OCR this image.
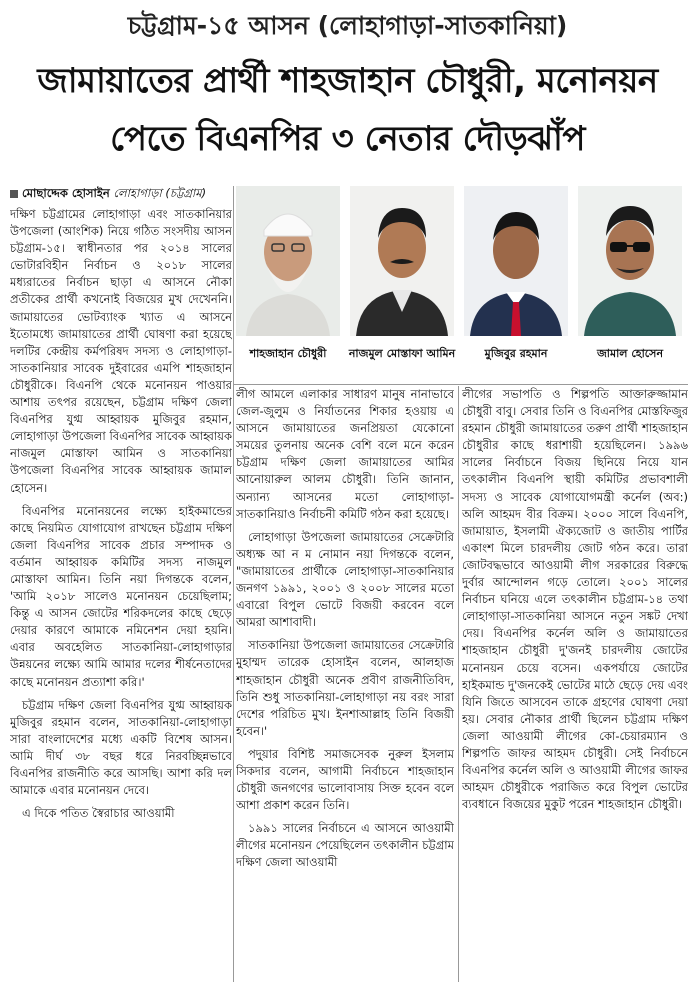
চট্টগ্রাম-১৫ আসন (লোহাগাড়া-সাতকানিয়া)
জামায়াতের প্রার্থী শাহজাহান চৌধুরী, মনোনয়ন
পেতে বিএনপির ৩ নেতার দৌড়ঝাঁপ
মোছাদ্দেক হোসাইন লোহাগাড়া (চট্টগ্রাম)
শাহজাহান চৌধুরী	নাজমুল মোস্তাফা আমিন	মুজিবুর রহমান	জামাল হোসেন

দক্ষিণ চট্টগ্রামের লোহাগাড়া এবং সাতকানিয়ার উপজেলা (আংশিক) নিয়ে গঠিত সংসদীয় আসন চট্টগ্রাম-১৫। স্বাধীনতার পর ২০১৪ সালের ভোটারবিহীন নির্বাচন ও ২০১৮ সালের মধ্যরাতের নির্বাচন ছাড়া এ আসনে নৌকা প্রতীকের প্রার্থী কখনোই বিজয়ের মুখ দেখেননি। জামায়াতের ভোটব্যাংক খ্যাত এ আসনে ইতোমধ্যে জামায়াতের প্রার্থী ঘোষণা করা হয়েছে দলটির কেন্দ্রীয় কর্মপরিষদ সদস্য ও লোহাগাড়া-সাতকানিয়ার সাবেক দুইবারের এমপি শাহজাহান চৌধুরীকে। বিএনপি থেকে মনোনয়ন পাওয়ার আশায় তৎপর রয়েছেন, চট্টগ্রাম দক্ষিণ জেলা বিএনপির যুগ্ম আহ্বায়ক মুজিবুর রহমান, লোহাগাড়া উপজেলা বিএনপির সাবেক আহ্বায়ক নাজমুল মোস্তাফা আমিন ও সাতকানিয়া উপজেলা বিএনপির সাবেক আহ্বায়ক জামাল হোসেন।

বিএনপির মনোনয়নের লক্ষ্যে হাইকমান্ডের কাছে নিয়মিত যোগাযোগ রাখছেন চট্টগ্রাম দক্ষিণ জেলা বিএনপির সাবেক প্রচার সম্পাদক ও বর্তমান আহ্বায়ক কমিটির সদস্য নাজমুল মোস্তাফা আমিন। তিনি নয়া দিগন্তকে বলেন, 'আমি ২০১৮ সালেও মনোনয়ন চেয়েছিলাম; কিন্তু এ আসন জোটের শরিকদলের কাছে ছেড়ে দেয়ার কারণে আমাকে নমিনেশন দেয়া হয়নি। এবার অবহেলিত সাতকানিয়া-লোহাগাড়ার উন্নয়নের লক্ষ্যে আমি আমার দলের শীর্ষনেতাদের কাছে মনোনয়ন প্রত্যাশা করি।'

চট্টগ্রাম দক্ষিণ জেলা বিএনপির যুগ্ম আহ্বায়ক মুজিবুর রহমান বলেন, সাতকানিয়া-লোহাগাড়া সারা বাংলাদেশের মধ্যে একটি বিশেষ আসন। আমি দীর্ঘ ৩৮ বছর ধরে নিরবচ্ছিন্নভাবে বিএনপির রাজনীতি করে আসছি। আশা করি দল আমাকে এবার মনোনয়ন দেবে।

এ দিকে পতিত স্বৈরাচার আওয়ামী

লীগ আমলে এলাকার সাধারণ মানুষ নানাভাবে জেল-জুলুম ও নির্যাতনের শিকার হওয়ায় এ আসনে জামায়াতের জনপ্রিয়তা যেকোনো সময়ের তুলনায় অনেক বেশি বলে মনে করেন চট্টগ্রাম দক্ষিণ জেলা জামায়াতের আমির আনোয়ারুল আলম চৌধুরী। তিনি জানান, অন্যান্য আসনের মতো লোহাগাড়া-সাতকানিয়াও নির্বাচনী কমিটি গঠন করা হয়েছে।

লোহাগাড়া উপজেলা জামায়াতের সেক্রেটারি অধ্যক্ষ আ ন ম নোমান নয়া দিগন্তকে বলেন, "জামায়াতের প্রার্থীকে লোহাগাড়া-সাতকানিয়ার জনগণ ১৯৯১, ২০০১ ও ২০০৮ সালের মতো এবারো বিপুল ভোটে বিজয়ী করবেন বলে আমরা আশাবাদী।

সাতকানিয়া উপজেলা জামায়াতের সেক্রেটারি মুহাম্মদ তারেক হোসাইন বলেন, আলহাজ শাহজাহান চৌধুরী অনেক প্রবীণ রাজনীতিবিদ, তিনি শুধু সাতকানিয়া-লোহাগাড়া নয় বরং সারা দেশের পরিচিত মুখ। ইনশাআল্লাহ তিনি বিজয়ী হবেন।'

পদুয়ার বিশিষ্ট সমাজসেবক নুরুল ইসলাম সিকদার বলেন, আগামী নির্বাচনে শাহজাহান চৌধুরী জনগণের ভালোবাসায় সিক্ত হবেন বলে আশা প্রকাশ করেন তিনি।

১৯৯১ সালের নির্বাচনে এ আসনে আওয়ামী লীগের মনোনয়ন পেয়েছিলেন তৎকালীন চট্টগ্রাম দক্ষিণ জেলা আওয়ামী

লীগের সভাপতি ও শিল্পপতি আক্তারুজ্জামান চৌধুরী বাবু। সেবার তিনি ও বিএনপির মোস্তফিজুর রহমান চৌধুরী জামায়াতের তরুণ প্রার্থী শাহজাহান চৌধুরীর কাছে ধরাশায়ী হয়েছিলেন। ১৯৯৬ সালের নির্বাচনে বিজয় ছিনিয়ে নিয়ে যান তৎকালীন বিএনপি স্থায়ী কমিটির প্রভাবশালী সদস্য ও সাবেক যোগাযোগমন্ত্রী কর্নেল (অব:) অলি আহমদ বীর বিক্রম। ২০০০ সালে বিএনপি, জামায়াত, ইসলামী ঐক্যজোট ও জাতীয় পার্টির একাংশ মিলে চারদলীয় জোট গঠন করে। তারা জোটবদ্ধভাবে আওয়ামী লীগ সরকারের বিরুদ্ধে দুর্বার আন্দোলন গড়ে তোলে। ২০০১ সালের নির্বাচন ঘনিয়ে এলে তৎকালীন চট্টগ্রাম-১৪ তথা লোহাগাড়া-সাতকানিয়া আসনে নতুন সঙ্কট দেখা দেয়। বিএনপির কর্নেল অলি ও জামায়াতের শাহজাহান চৌধুরী দু'জনই চারদলীয় জোটের মনোনয়ন চেয়ে বসেন। একপর্যায়ে জোটের হাইকমান্ড দু'জনকেই ভোটের মাঠে ছেড়ে দেয় এবং যিনি জিতে আসবেন তাকে গ্রহণের ঘোষণা দেয়া হয়। সেবার নৌকার প্রার্থী ছিলেন চট্টগ্রাম দক্ষিণ জেলা আওয়ামী লীগের কো-চেয়ারম্যান ও শিল্পপতি জাফর আহমদ চৌধুরী। সেই নির্বাচনে বিএনপির কর্নেল অলি ও আওয়ামী লীগের জাফর আহমদ চৌধুরীকে পরাজিত করে বিপুল ভোটের ব্যবধানে বিজয়ের মুকুট পরেন শাহজাহান চৌধুরী।
